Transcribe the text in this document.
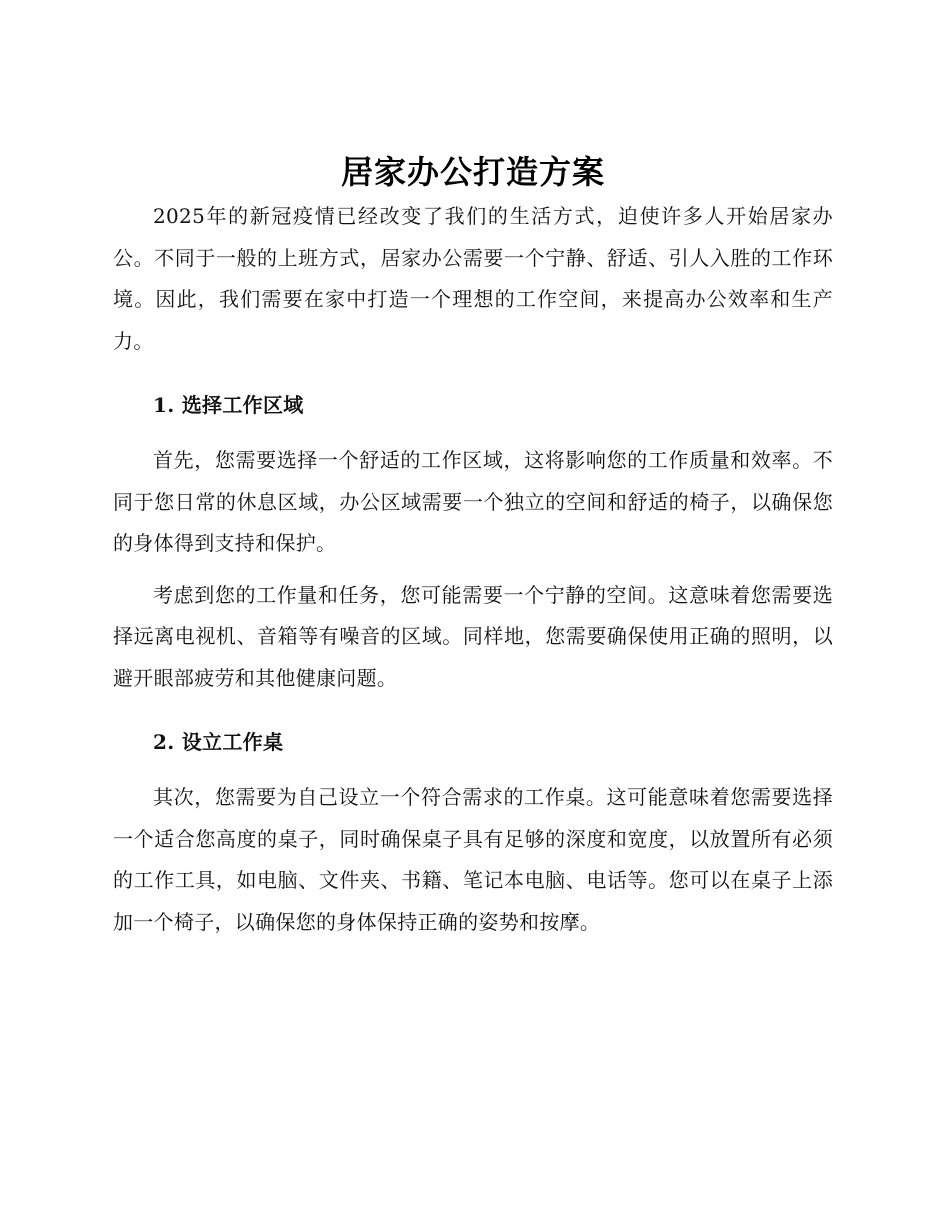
居家办公打造方案

2025年的新冠疫情已经改变了我们的生活方式，迫使许多人开始居家办公。不同于一般的上班方式，居家办公需要一个宁静、舒适、引人入胜的工作环境。因此，我们需要在家中打造一个理想的工作空间，来提高办公效率和生产力。

1. 选择工作区域

首先，您需要选择一个舒适的工作区域，这将影响您的工作质量和效率。不同于您日常的休息区域，办公区域需要一个独立的空间和舒适的椅子，以确保您的身体得到支持和保护。

考虑到您的工作量和任务，您可能需要一个宁静的空间。这意味着您需要选择远离电视机、音箱等有噪音的区域。同样地，您需要确保使用正确的照明，以避开眼部疲劳和其他健康问题。

2. 设立工作桌

其次，您需要为自己设立一个符合需求的工作桌。这可能意味着您需要选择一个适合您高度的桌子，同时确保桌子具有足够的深度和宽度，以放置所有必须的工作工具，如电脑、文件夹、书籍、笔记本电脑、电话等。您可以在桌子上添加一个椅子，以确保您的身体保持正确的姿势和按摩。
